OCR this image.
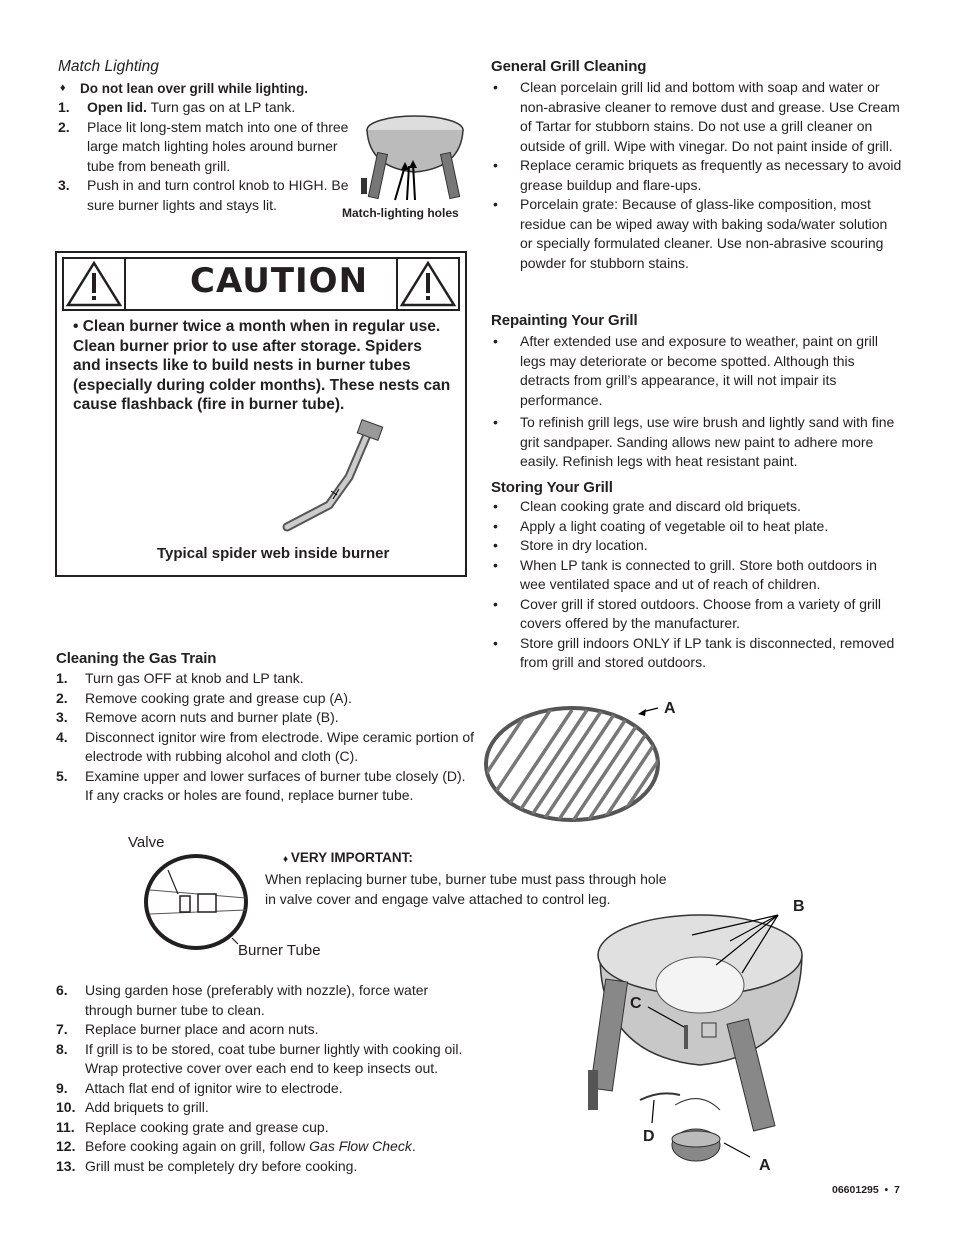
Match Lighting
♦ Do not lean over grill while lighting.
1. Open lid. Turn gas on at LP tank.
2. Place lit long-stem match into one of three large match lighting holes around burner tube from beneath grill.
3. Push in and turn control knob to HIGH. Be sure burner lights and stays lit.
Match-lighting holes
CAUTION
• Clean burner twice a month when in regular use. Clean burner prior to use after storage. Spiders and insects like to build nests in burner tubes (especially during colder months). These nests can cause flashback (fire in burner tube).
Typical spider web inside burner
Cleaning the Gas Train
1. Turn gas OFF at knob and LP tank.
2. Remove cooking grate and grease cup (A).
3. Remove acorn nuts and burner plate (B).
4. Disconnect ignitor wire from electrode. Wipe ceramic portion of electrode with rubbing alcohol and cloth (C).
5. Examine upper and lower surfaces of burner tube closely (D). If any cracks or holes are found, replace burner tube.
Valve
Burner Tube
♦ VERY IMPORTANT:
When replacing burner tube, burner tube must pass through hole in valve cover and engage valve attached to control leg.
6. Using garden hose (preferably with nozzle), force water through burner tube to clean.
7. Replace burner place and acorn nuts.
8. If grill is to be stored, coat tube burner lightly with cooking oil. Wrap protective cover over each end to keep insects out.
9. Attach flat end of ignitor wire to electrode.
10. Add briquets to grill.
11. Replace cooking grate and grease cup.
12. Before cooking again on grill, follow Gas Flow Check.
13. Grill must be completely dry before cooking.
General Grill Cleaning
• Clean porcelain grill lid and bottom with soap and water or non-abrasive cleaner to remove dust and grease. Use Cream of Tartar for stubborn stains. Do not use a grill cleaner on outside of grill. Wipe with vinegar. Do not paint inside of grill.
• Replace ceramic briquets as frequently as necessary to avoid grease buildup and flare-ups.
• Porcelain grate: Because of glass-like composition, most residue can be wiped away with baking soda/water solution or specially formulated cleaner. Use non-abrasive scouring powder for stubborn stains.
Repainting Your Grill
• After extended use and exposure to weather, paint on grill legs may deteriorate or become spotted. Although this detracts from grill’s appearance, it will not impair its performance.
• To refinish grill legs, use wire brush and lightly sand with fine grit sandpaper. Sanding allows new paint to adhere more easily. Refinish legs with heat resistant paint.
Storing Your Grill
• Clean cooking grate and discard old briquets.
• Apply a light coating of vegetable oil to heat plate.
• Store in dry location.
• When LP tank is connected to grill. Store both outdoors in wee ventilated space and ut of reach of children.
• Cover grill if stored outdoors. Choose from a variety of grill covers offered by the manufacturer.
• Store grill indoors ONLY if LP tank is disconnected, removed from grill and stored outdoors.
A
B
C
D
A
06601295  •  7
